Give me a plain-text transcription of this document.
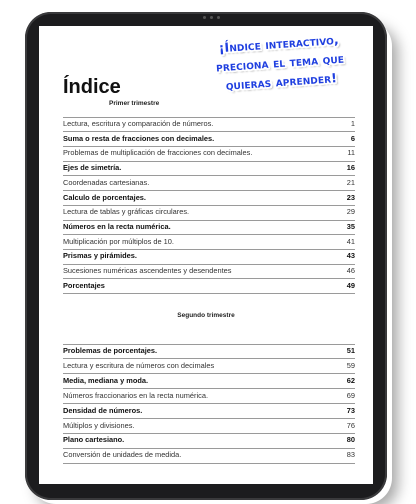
Índice
Primer trimestre
Lectura, escritura y comparación de números.	1
Suma o resta de fracciones con decimales.	6
Problemas de multiplicación de fracciones con decimales.	11
Ejes de simetría.	16
Coordenadas cartesianas.	21
Calculo de porcentajes.	23
Lectura de tablas y gráficas circulares.	29
Números en la recta numérica.	35
Multiplicación por múltiplos de 10.	41
Prismas y pirámides.	43
Sucesiones numéricas ascendentes y desendentes	46
Porcentajes	49
Segundo trimestre
Problemas de porcentajes.	51
Lectura y escritura de números con decimales	59
Media, mediana y moda.	62
Números fraccionarios en la recta numérica.	69
Densidad de números.	73
Múltiplos y divisiones.	76
Plano cartesiano.	80
Conversión de unidades de medida.	83
¡Índice interactivo,
preciona el tema que
quieras aprender!
